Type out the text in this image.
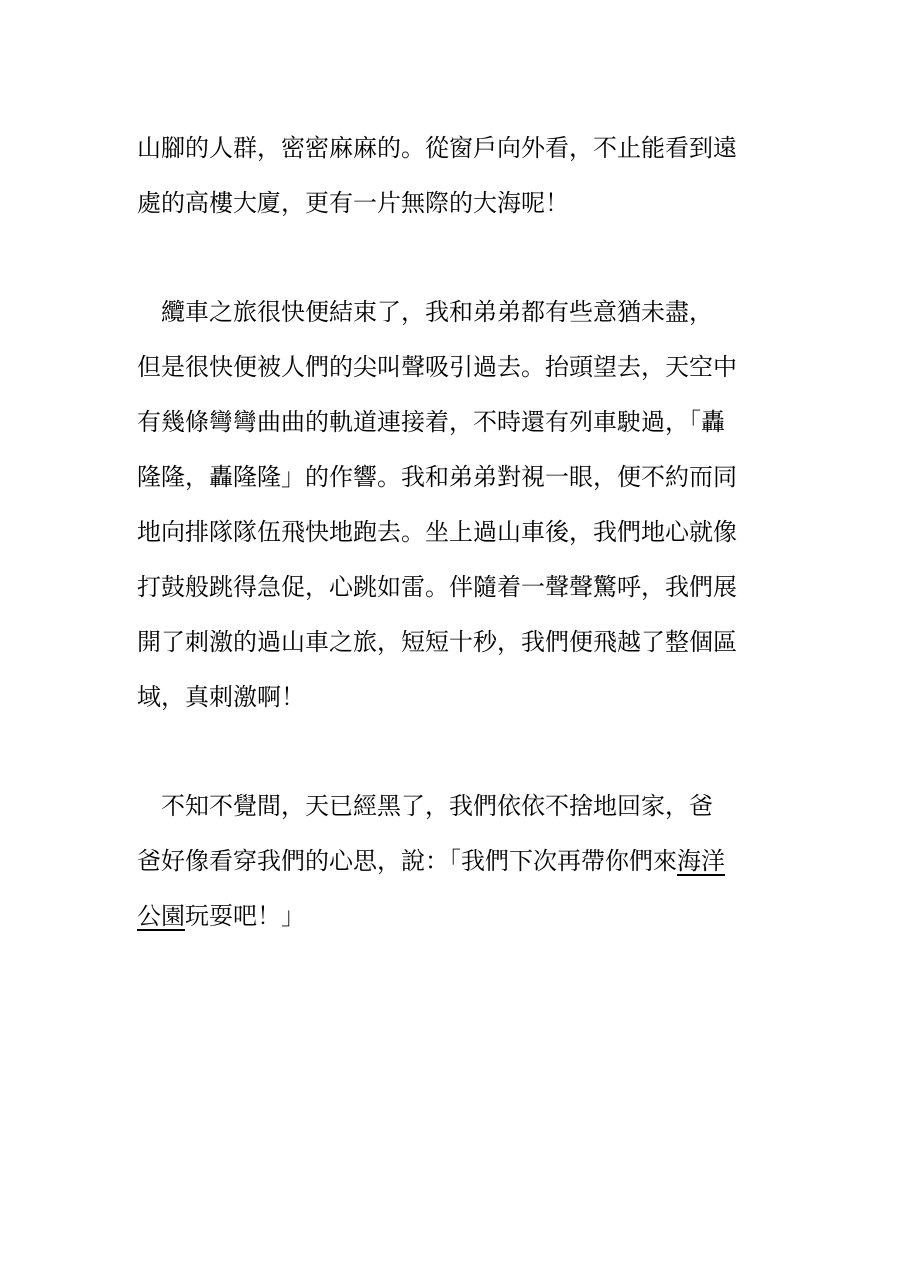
山腳的人群，密密麻麻的。從窗戶向外看，不止能看到遠
處的高樓大廈，更有一片無際的大海呢！
　纜車之旅很快便結束了，我和弟弟都有些意猶未盡，
但是很快便被人們的尖叫聲吸引過去。抬頭望去，天空中
有幾條彎彎曲曲的軌道連接着，不時還有列車駛過，「轟
隆隆，轟隆隆」的作響。我和弟弟對視一眼，便不約而同
地向排隊隊伍飛快地跑去。坐上過山車後，我們地心就像
打鼓般跳得急促，心跳如雷。伴隨着一聲聲驚呼，我們展
開了刺激的過山車之旅，短短十秒，我們便飛越了整個區
域，真刺激啊！
　不知不覺間，天已經黑了，我們依依不捨地回家，爸
爸好像看穿我們的心思，說：「我們下次再帶你們來海洋
公園玩耍吧！」
